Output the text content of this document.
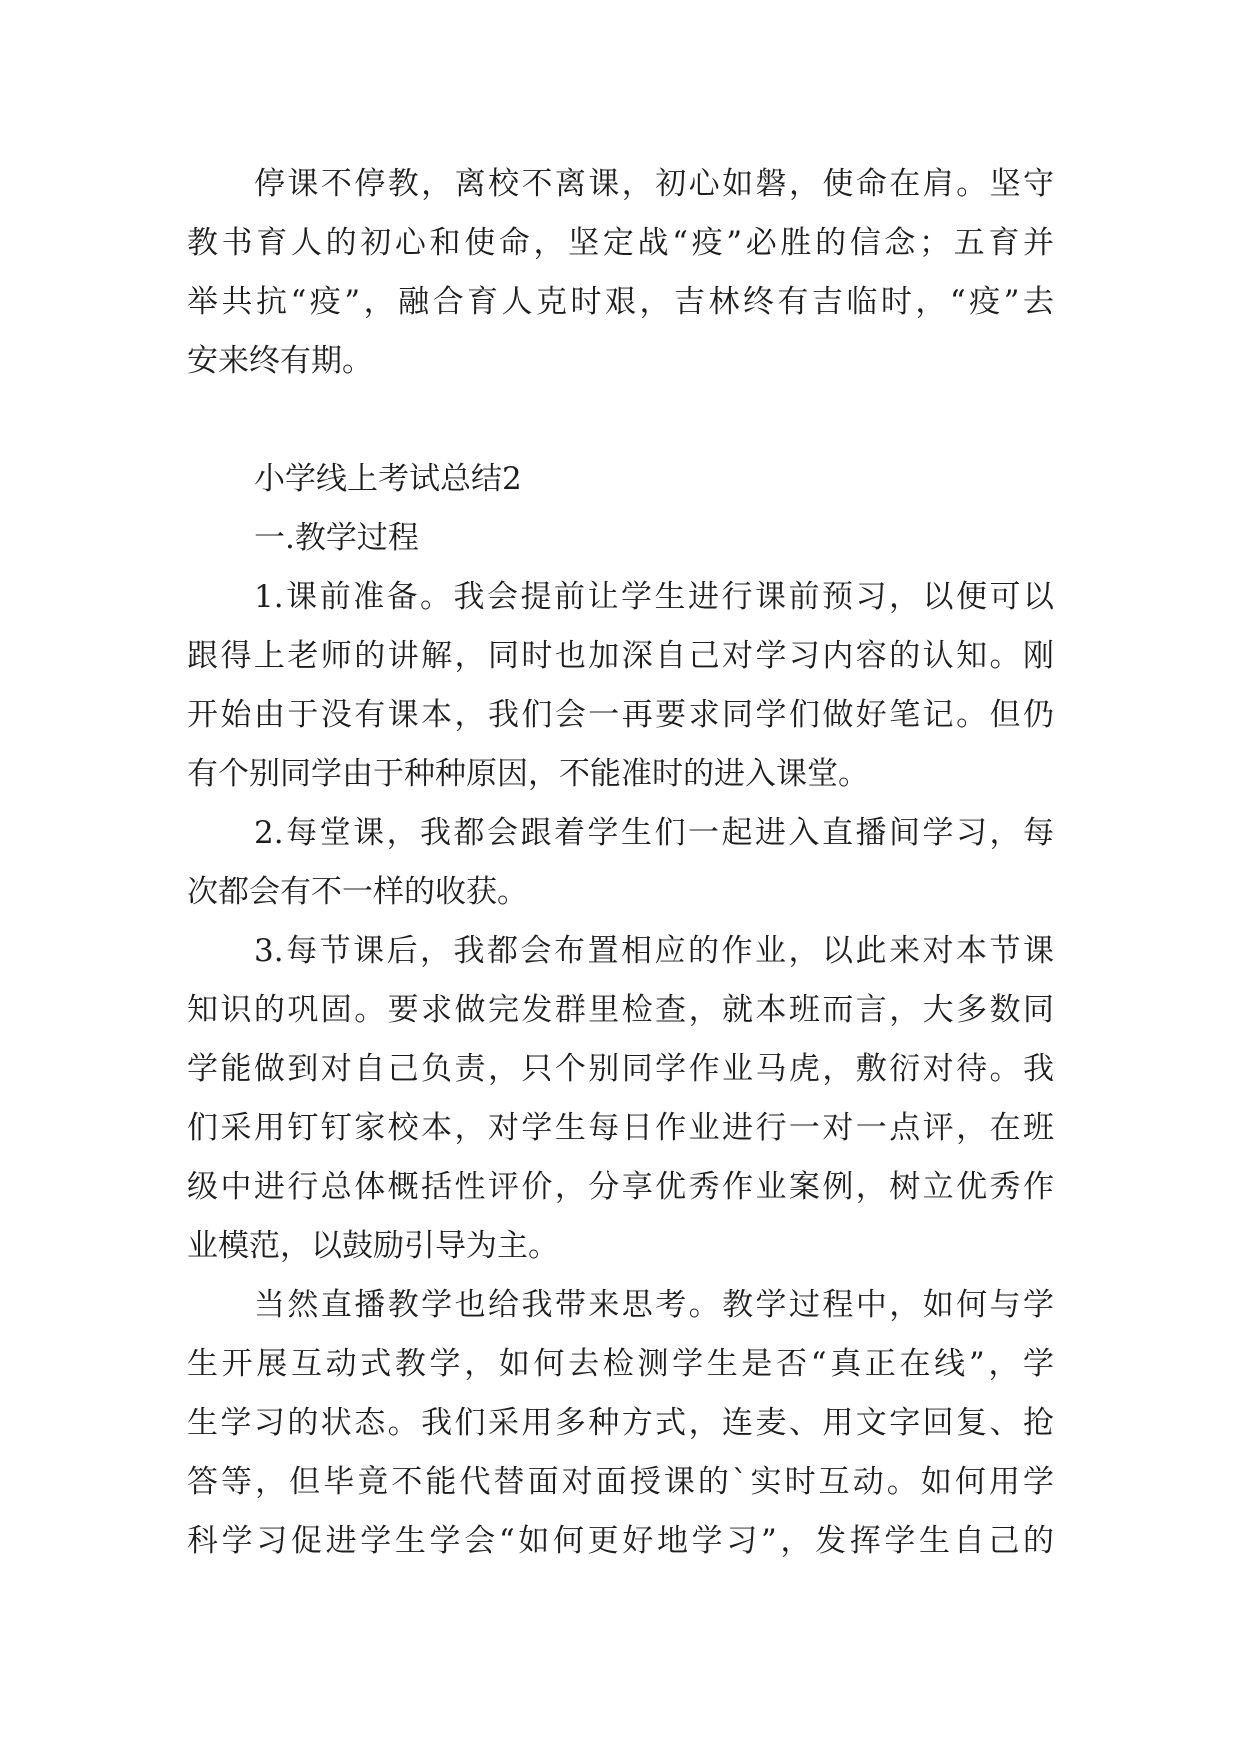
停课不停教，离校不离课，初心如磐，使命在肩。坚守
教书育人的初心和使命，坚定战“疫”必胜的信念；五育并
举共抗“疫”，融合育人克时艰，吉林终有吉临时，“疫”去
安来终有期。
小学线上考试总结2
一.教学过程
1.课前准备。我会提前让学生进行课前预习，以便可以
跟得上老师的讲解，同时也加深自己对学习内容的认知。刚
开始由于没有课本，我们会一再要求同学们做好笔记。但仍
有个别同学由于种种原因，不能准时的进入课堂。
2.每堂课，我都会跟着学生们一起进入直播间学习，每
次都会有不一样的收获。
3.每节课后，我都会布置相应的作业，以此来对本节课
知识的巩固。要求做完发群里检查，就本班而言，大多数同
学能做到对自己负责，只个别同学作业马虎，敷衍对待。我
们采用钉钉家校本，对学生每日作业进行一对一点评，在班
级中进行总体概括性评价，分享优秀作业案例，树立优秀作
业模范，以鼓励引导为主。
当然直播教学也给我带来思考。教学过程中，如何与学
生开展互动式教学，如何去检测学生是否“真正在线”，学
生学习的状态。我们采用多种方式，连麦、用文字回复、抢
答等，但毕竟不能代替面对面授课的`实时互动。如何用学
科学习促进学生学会“如何更好地学习”，发挥学生自己的
